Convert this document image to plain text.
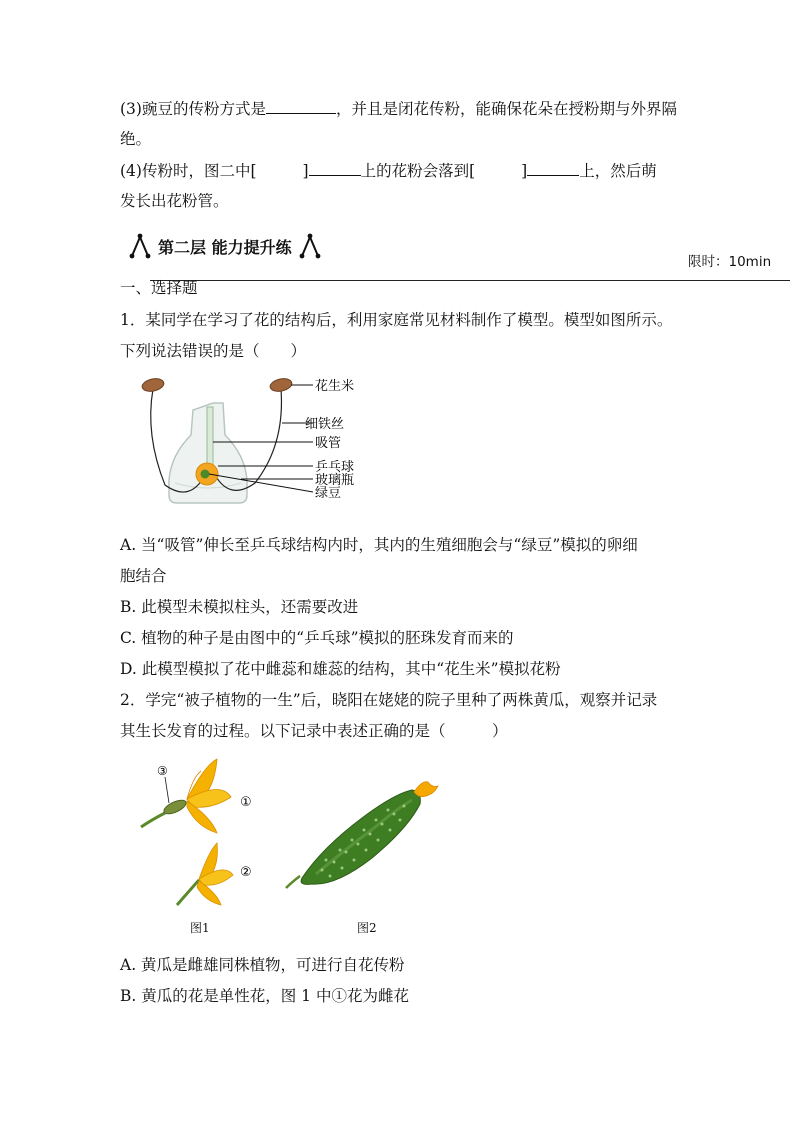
(3)豌豆的传粉方式是	，并且是闭花传粉，能确保花朵在授粉期与外界隔
绝。
(4)传粉时，图二中[	]	上的花粉会落到[	]	上，然后萌
发长出花粉管。
第二层 能力提升练
限时：10min
一、选择题
1．某同学在学习了花的结构后，利用家庭常见材料制作了模型。模型如图所示。
下列说法错误的是（　　）
花生米
细铁丝
吸管
乒乓球
玻璃瓶
绿豆
A. 当“吸管”伸长至乒乓球结构内时，其内的生殖细胞会与“绿豆”模拟的卵细
胞结合
B. 此模型未模拟柱头，还需要改进
C. 植物的种子是由图中的“乒乓球”模拟的胚珠发育而来的
D. 此模型模拟了花中雌蕊和雄蕊的结构，其中“花生米”模拟花粉
2．学完“被子植物的一生”后，晓阳在姥姥的院子里种了两株黄瓜，观察并记录
其生长发育的过程。以下记录中表述正确的是（　　　）
③
①
②
图1	图2
A. 黄瓜是雌雄同株植物，可进行自花传粉
B. 黄瓜的花是单性花，图 1 中①花为雌花
